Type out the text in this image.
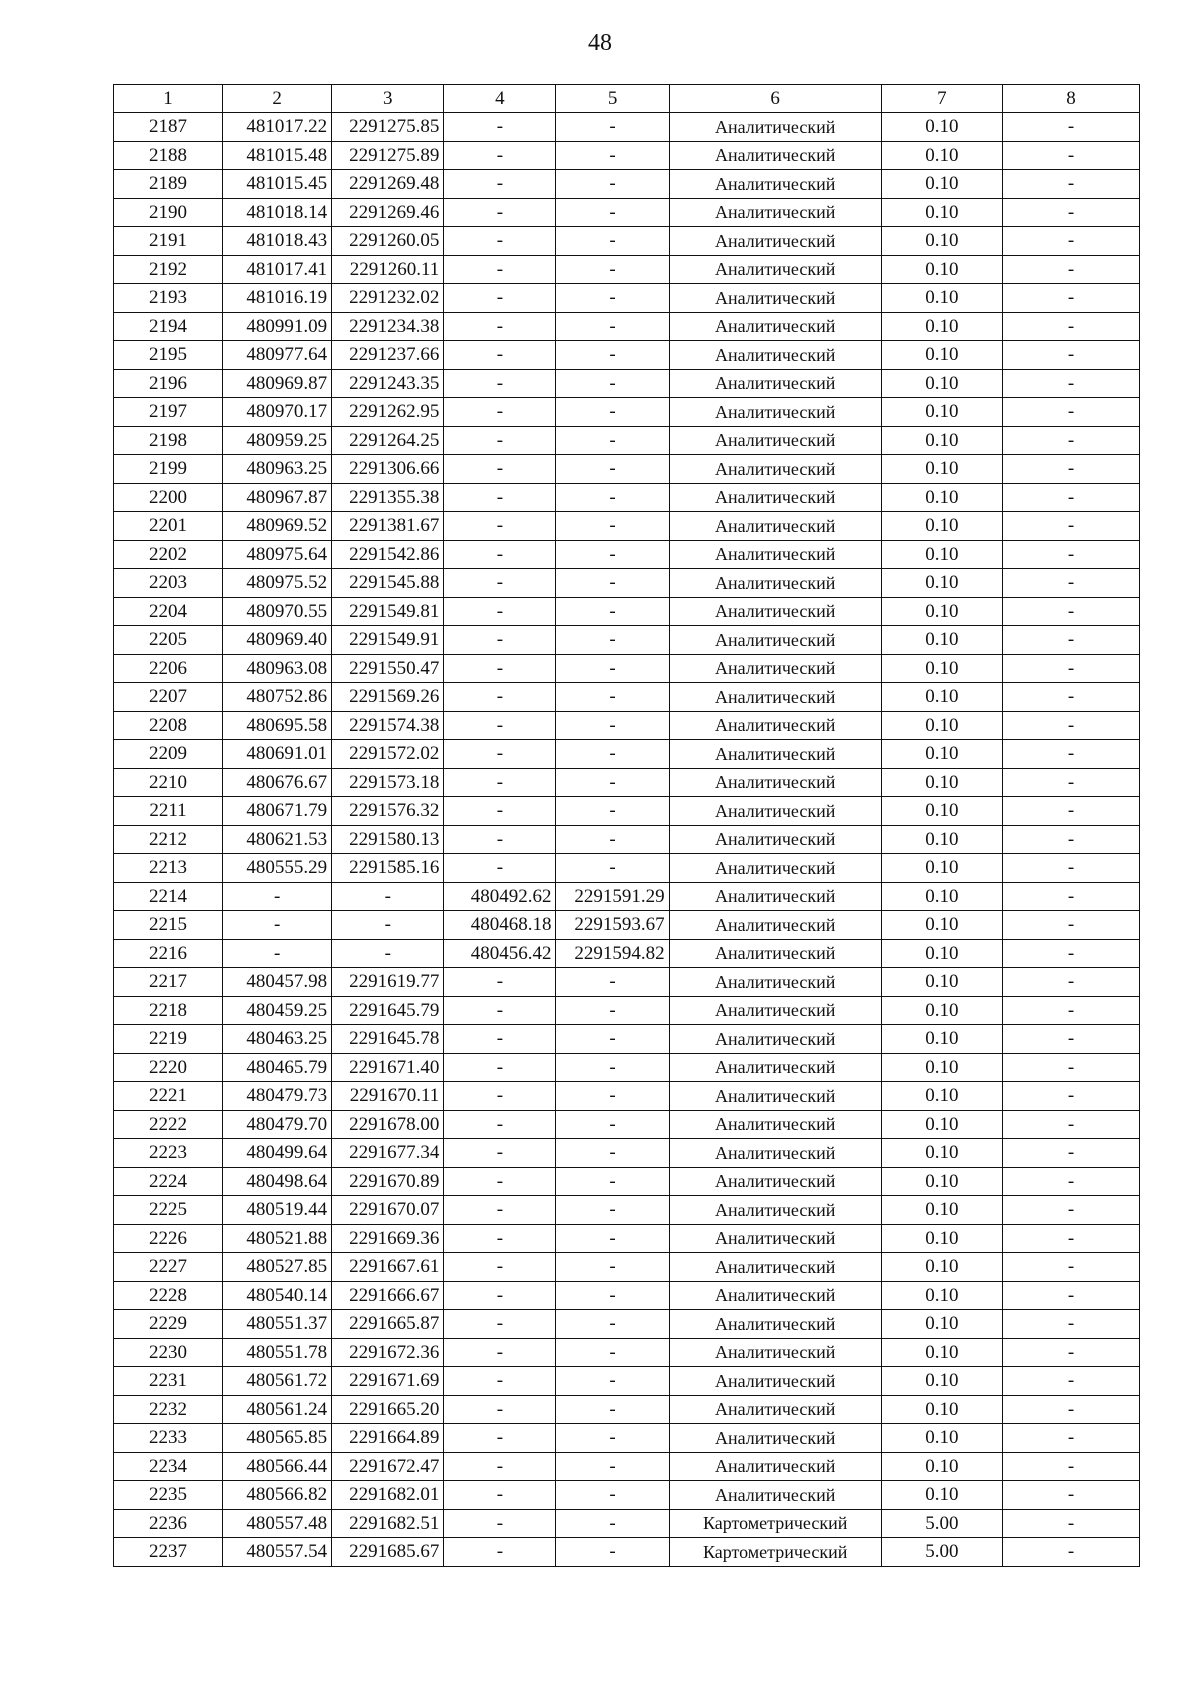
48
1	2	3	4	5	6	7	8
2187	481017.22	2291275.85	-	-	Аналитический	0.10	-
2188	481015.48	2291275.89	-	-	Аналитический	0.10	-
2189	481015.45	2291269.48	-	-	Аналитический	0.10	-
2190	481018.14	2291269.46	-	-	Аналитический	0.10	-
2191	481018.43	2291260.05	-	-	Аналитический	0.10	-
2192	481017.41	2291260.11	-	-	Аналитический	0.10	-
2193	481016.19	2291232.02	-	-	Аналитический	0.10	-
2194	480991.09	2291234.38	-	-	Аналитический	0.10	-
2195	480977.64	2291237.66	-	-	Аналитический	0.10	-
2196	480969.87	2291243.35	-	-	Аналитический	0.10	-
2197	480970.17	2291262.95	-	-	Аналитический	0.10	-
2198	480959.25	2291264.25	-	-	Аналитический	0.10	-
2199	480963.25	2291306.66	-	-	Аналитический	0.10	-
2200	480967.87	2291355.38	-	-	Аналитический	0.10	-
2201	480969.52	2291381.67	-	-	Аналитический	0.10	-
2202	480975.64	2291542.86	-	-	Аналитический	0.10	-
2203	480975.52	2291545.88	-	-	Аналитический	0.10	-
2204	480970.55	2291549.81	-	-	Аналитический	0.10	-
2205	480969.40	2291549.91	-	-	Аналитический	0.10	-
2206	480963.08	2291550.47	-	-	Аналитический	0.10	-
2207	480752.86	2291569.26	-	-	Аналитический	0.10	-
2208	480695.58	2291574.38	-	-	Аналитический	0.10	-
2209	480691.01	2291572.02	-	-	Аналитический	0.10	-
2210	480676.67	2291573.18	-	-	Аналитический	0.10	-
2211	480671.79	2291576.32	-	-	Аналитический	0.10	-
2212	480621.53	2291580.13	-	-	Аналитический	0.10	-
2213	480555.29	2291585.16	-	-	Аналитический	0.10	-
2214	-	-	480492.62	2291591.29	Аналитический	0.10	-
2215	-	-	480468.18	2291593.67	Аналитический	0.10	-
2216	-	-	480456.42	2291594.82	Аналитический	0.10	-
2217	480457.98	2291619.77	-	-	Аналитический	0.10	-
2218	480459.25	2291645.79	-	-	Аналитический	0.10	-
2219	480463.25	2291645.78	-	-	Аналитический	0.10	-
2220	480465.79	2291671.40	-	-	Аналитический	0.10	-
2221	480479.73	2291670.11	-	-	Аналитический	0.10	-
2222	480479.70	2291678.00	-	-	Аналитический	0.10	-
2223	480499.64	2291677.34	-	-	Аналитический	0.10	-
2224	480498.64	2291670.89	-	-	Аналитический	0.10	-
2225	480519.44	2291670.07	-	-	Аналитический	0.10	-
2226	480521.88	2291669.36	-	-	Аналитический	0.10	-
2227	480527.85	2291667.61	-	-	Аналитический	0.10	-
2228	480540.14	2291666.67	-	-	Аналитический	0.10	-
2229	480551.37	2291665.87	-	-	Аналитический	0.10	-
2230	480551.78	2291672.36	-	-	Аналитический	0.10	-
2231	480561.72	2291671.69	-	-	Аналитический	0.10	-
2232	480561.24	2291665.20	-	-	Аналитический	0.10	-
2233	480565.85	2291664.89	-	-	Аналитический	0.10	-
2234	480566.44	2291672.47	-	-	Аналитический	0.10	-
2235	480566.82	2291682.01	-	-	Аналитический	0.10	-
2236	480557.48	2291682.51	-	-	Картометрический	5.00	-
2237	480557.54	2291685.67	-	-	Картометрический	5.00	-
